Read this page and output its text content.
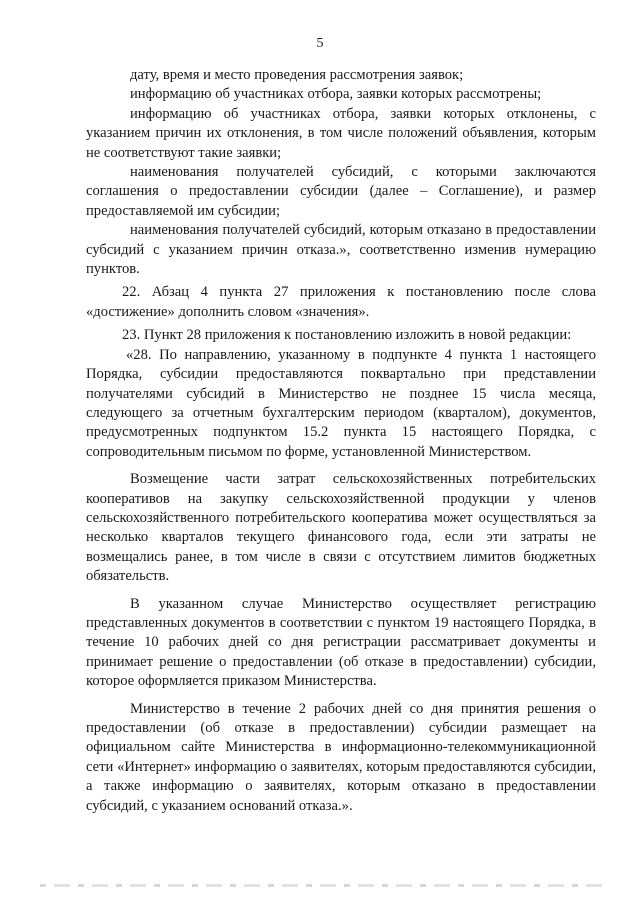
5

дату, время и место проведения рассмотрения заявок;

информацию об участниках отбора, заявки которых рассмотрены;

информацию об участниках отбора, заявки которых отклонены, с указанием причин их отклонения, в том числе положений объявления, которым не соответствуют такие заявки;

наименования получателей субсидий, с которыми заключаются соглашения о предоставлении субсидии (далее – Соглашение), и размер предоставляемой им субсидии;

наименования получателей субсидий, которым отказано в предоставлении субсидий с указанием причин отказа.», соответственно изменив нумерацию пунктов.

22. Абзац 4 пункта 27 приложения к постановлению после слова «достижение» дополнить словом «значения».

23. Пункт 28 приложения к постановлению изложить в новой редакции:

«28. По направлению, указанному в подпункте 4 пункта 1 настоящего Порядка, субсидии предоставляются поквартально при представлении получателями субсидий в Министерство не позднее 15 числа месяца, следующего за отчетным бухгалтерским периодом (кварталом), документов, предусмотренных подпунктом 15.2 пункта 15 настоящего Порядка, с сопроводительным письмом по форме, установленной Министерством.

Возмещение части затрат сельскохозяйственных потребительских кооперативов на закупку сельскохозяйственной продукции у членов сельскохозяйственного потребительского кооператива может осуществляться за несколько кварталов текущего финансового года, если эти затраты не возмещались ранее, в том числе в связи с отсутствием лимитов бюджетных обязательств.

В указанном случае Министерство осуществляет регистрацию представленных документов в соответствии с пунктом 19 настоящего Порядка, в течение 10 рабочих дней со дня регистрации рассматривает документы и принимает решение о предоставлении (об отказе в предоставлении) субсидии, которое оформляется приказом Министерства.

Министерство в течение 2 рабочих дней со дня принятия решения о предоставлении (об отказе в предоставлении) субсидии размещает на официальном сайте Министерства в информационно-телекоммуникационной сети «Интернет» информацию о заявителях, которым предоставляются субсидии, а также информацию о заявителях, которым отказано в предоставлении субсидий, с указанием оснований отказа.».
